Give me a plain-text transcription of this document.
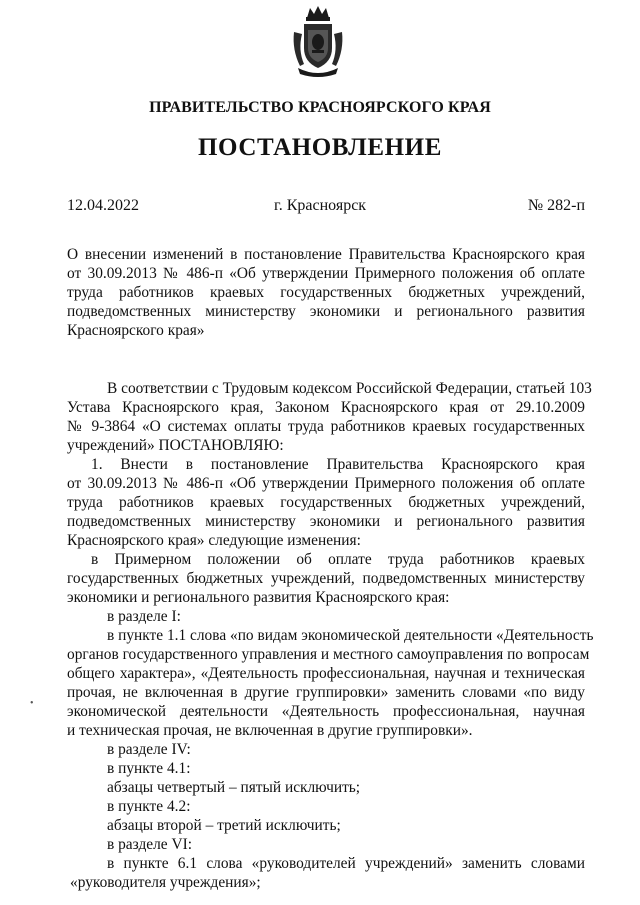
ПРАВИТЕЛЬСТВО КРАСНОЯРСКОГО КРАЯ
ПОСТАНОВЛЕНИЕ
12.04.2022	г. Красноярск	№ 282-п
О внесении изменений в постановление Правительства Красноярского края
от 30.09.2013 № 486-п «Об утверждении Примерного положения об оплате
труда работников краевых государственных бюджетных учреждений,
подведомственных министерству экономики и регионального развития
Красноярского края»
В соответствии с Трудовым кодексом Российской Федерации, статьей 103
Устава Красноярского края, Законом Красноярского края от 29.10.2009
№ 9-3864 «О системах оплаты труда работников краевых государственных
учреждений» ПОСТАНОВЛЯЮ:
1. Внести в постановление Правительства Красноярского края
от 30.09.2013 № 486-п «Об утверждении Примерного положения об оплате
труда работников краевых государственных бюджетных учреждений,
подведомственных министерству экономики и регионального развития
Красноярского края» следующие изменения:
в Примерном положении об оплате труда работников краевых
государственных бюджетных учреждений, подведомственных министерству
экономики и регионального развития Красноярского края:
в разделе I:
в пункте 1.1 слова «по видам экономической деятельности «Деятельность
органов государственного управления и местного самоуправления по вопросам
общего характера», «Деятельность профессиональная, научная и техническая
прочая, не включенная в другие группировки» заменить словами «по виду
экономической деятельности «Деятельность профессиональная, научная
и техническая прочая, не включенная в другие группировки».
в разделе IV:
в пункте 4.1:
абзацы четвертый – пятый исключить;
в пункте 4.2:
абзацы второй – третий исключить;
в разделе VI:
в пункте 6.1 слова «руководителей учреждений» заменить словами
«руководителя учреждения»;
•
